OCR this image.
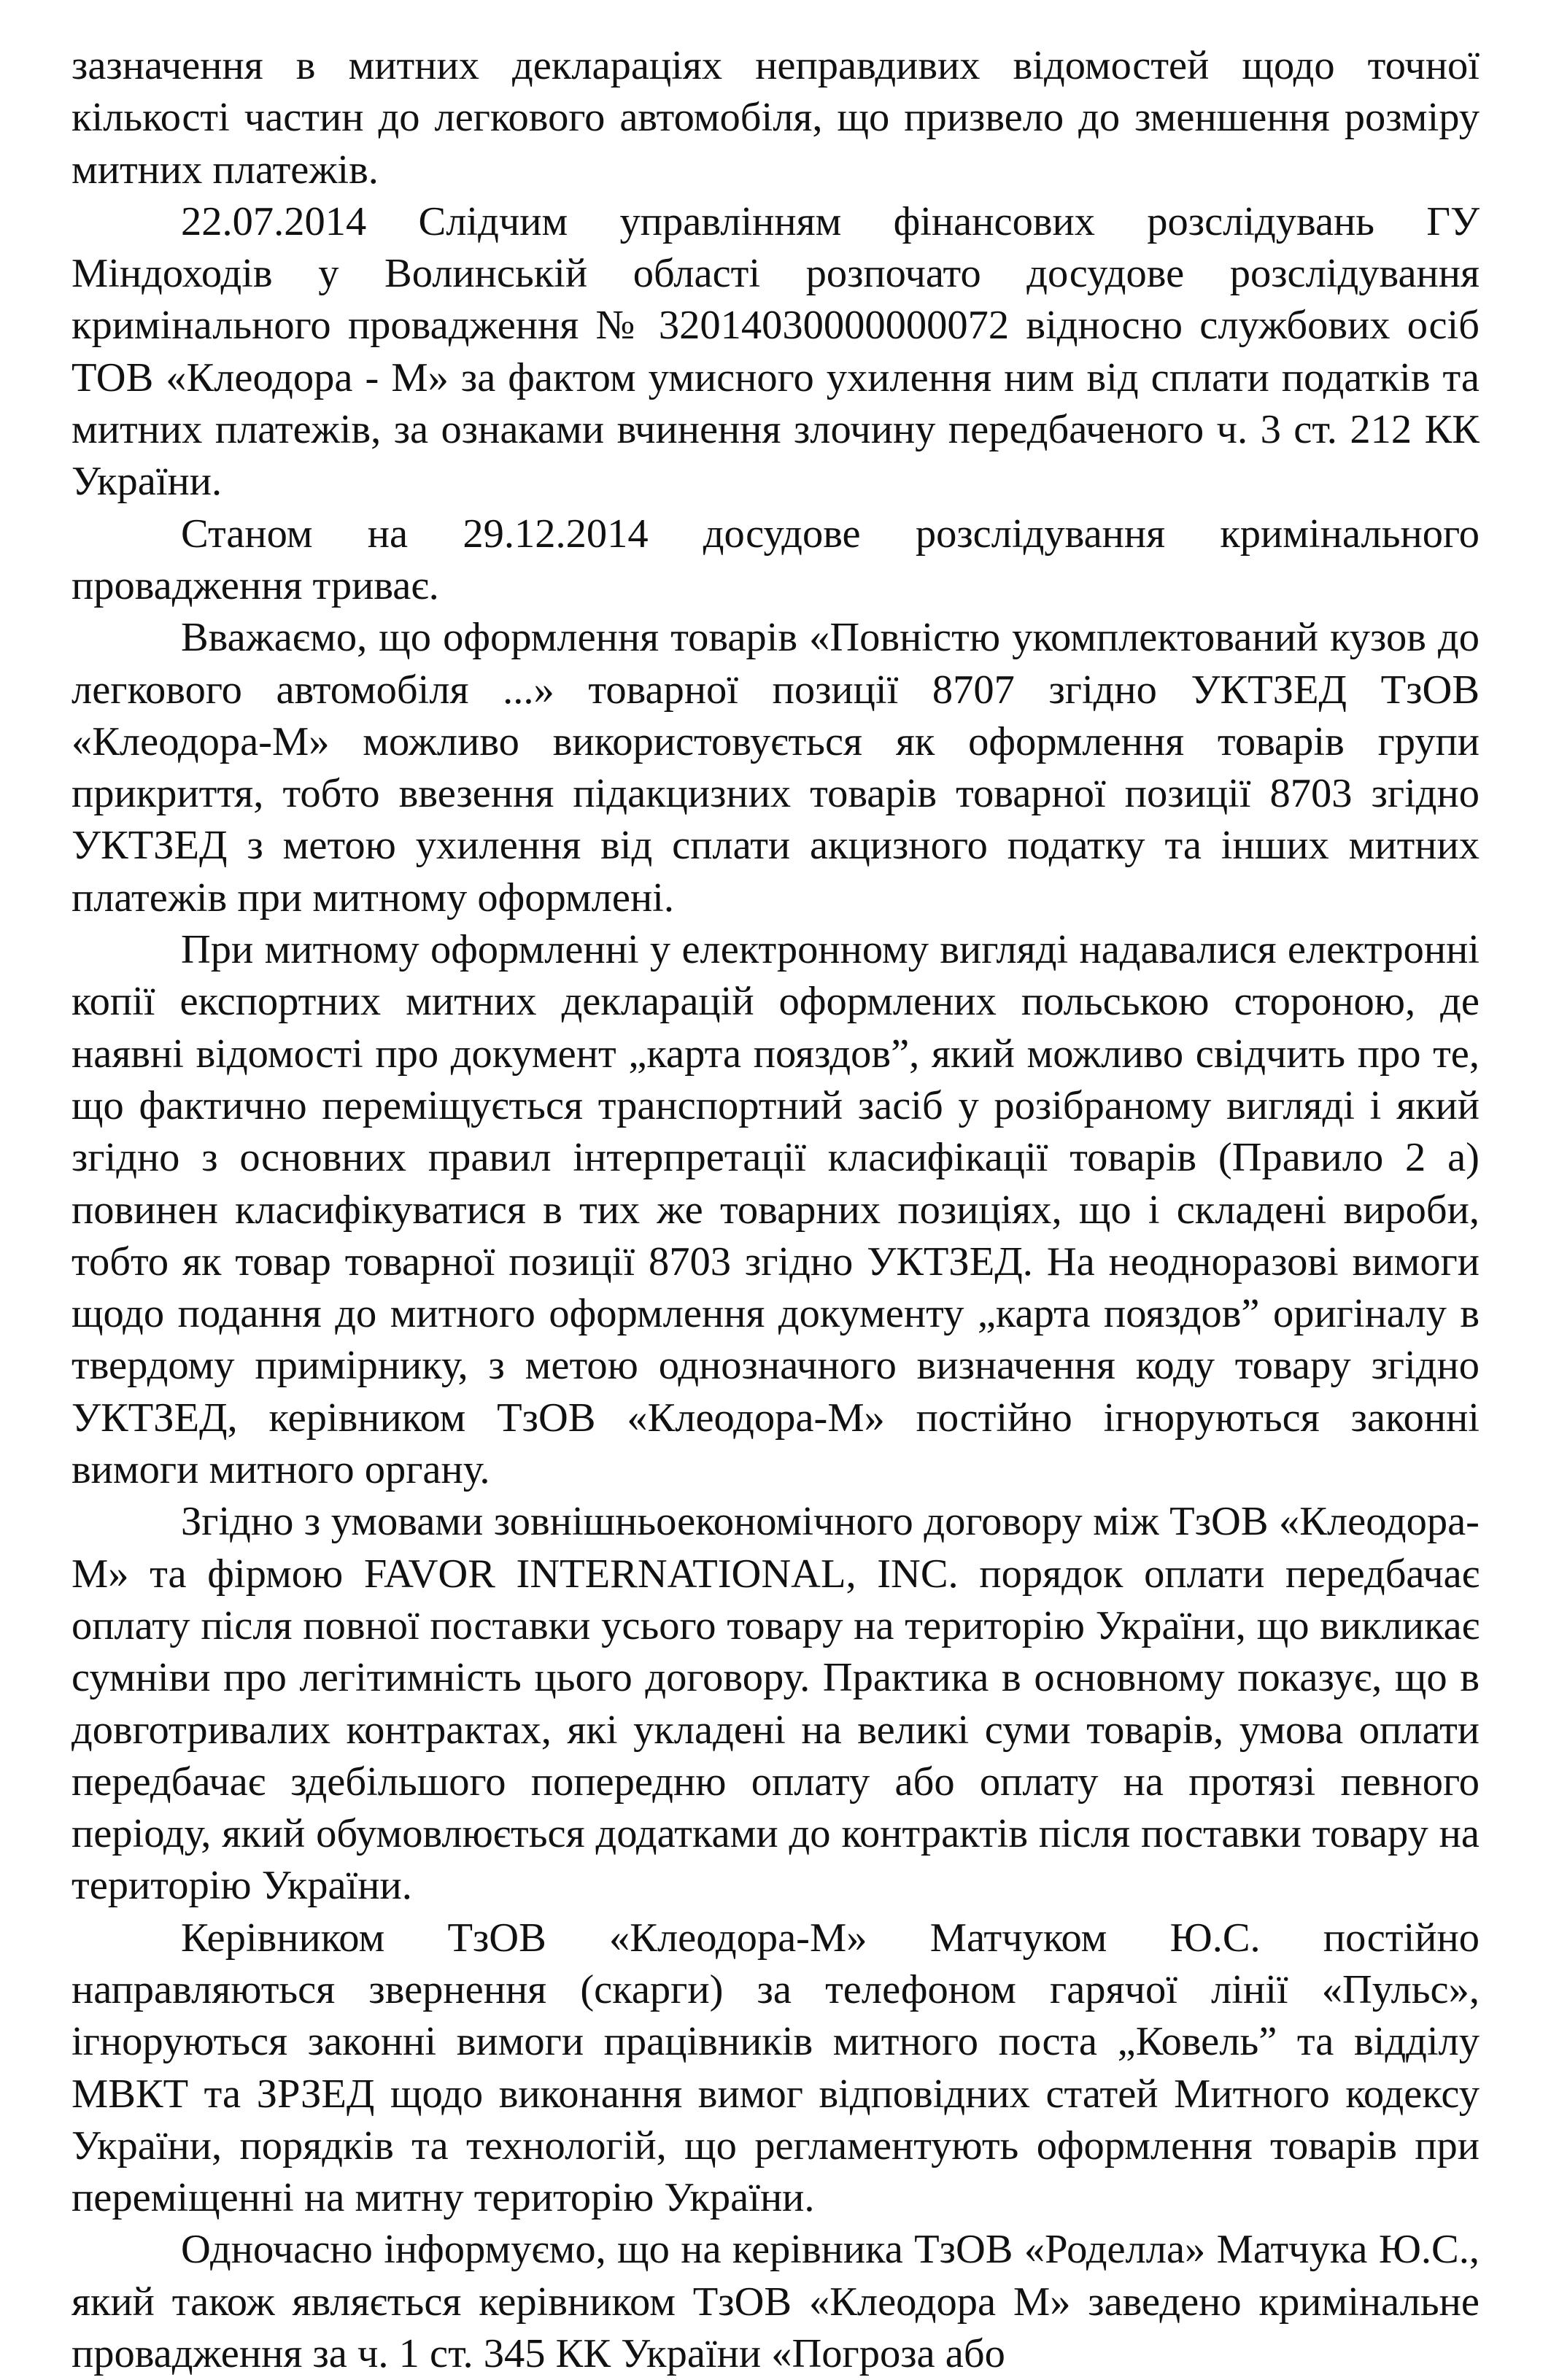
зазначення в митних деклараціях неправдивих відомостей щодо точної кількості частин до легкового автомобіля, що призвело до зменшення розміру митних платежів.

22.07.2014 Слідчим управлінням фінансових розслідувань ГУ Міндоходів у Волинській області розпочато досудове розслідування кримінального провадження № 32014030000000072 відносно службових осіб ТОВ «Клеодора - М» за фактом умисного ухилення ним від сплати податків та митних платежів, за ознаками вчинення злочину передбаченого ч. 3 ст. 212 КК України.

Станом на 29.12.2014 досудове розслідування кримінального провадження триває.

Вважаємо, що оформлення товарів «Повністю укомплектований кузов до легкового автомобіля ...» товарної позиції 8707 згідно УКТЗЕД ТзОВ «Клеодора-М» можливо використовується як оформлення товарів групи прикриття, тобто ввезення підакцизних товарів товарної позиції 8703 згідно УКТЗЕД з метою ухилення від сплати акцизного податку та інших митних платежів при митному оформлені.

При митному оформленні у електронному вигляді надавалися електронні копії експортних митних декларацій оформлених польською стороною, де наявні відомості про документ „карта пояздов”, який можливо свідчить про те, що фактично переміщується транспортний засіб у розібраному вигляді і який згідно з основних правил інтерпретації класифікації товарів (Правило 2 а) повинен класифікуватися в тих же товарних позиціях, що і складені вироби, тобто як товар товарної позиції 8703 згідно УКТЗЕД. На неодноразові вимоги щодо подання до митного оформлення документу „карта пояздов” оригіналу в твердому примірнику, з метою однозначного визначення коду товару згідно УКТЗЕД, керівником ТзОВ «Клеодора-М» постійно ігноруються законні вимоги митного органу.

Згідно з умовами зовнішньоекономічного договору між ТзОВ «Клеодора-М» та фірмою FAVOR INTERNATIONAL, INC. порядок оплати передбачає оплату після повної поставки усього товару на територію України, що викликає сумніви про легітимність цього договору. Практика в основному показує, що в довготривалих контрактах, які укладені на великі суми товарів, умова оплати передбачає здебільшого попередню оплату або оплату на протязі певного періоду, який обумовлюється додатками до контрактів після поставки товару на територію України.

Керівником ТзОВ «Клеодора-М» Матчуком Ю.С. постійно направляються звернення (скарги) за телефоном гарячої лінії «Пульс», ігноруються законні вимоги працівників митного поста „Ковель” та відділу МВКТ та ЗРЗЕД щодо виконання вимог відповідних статей Митного кодексу України, порядків та технологій, що регламентують оформлення товарів при переміщенні на митну територію України.

Одночасно інформуємо, що на керівника ТзОВ «Роделла» Матчука Ю.С., який також являється керівником ТзОВ «Клеодора М» заведено кримінальне провадження за ч. 1 ст. 345 КК України «Погроза або
